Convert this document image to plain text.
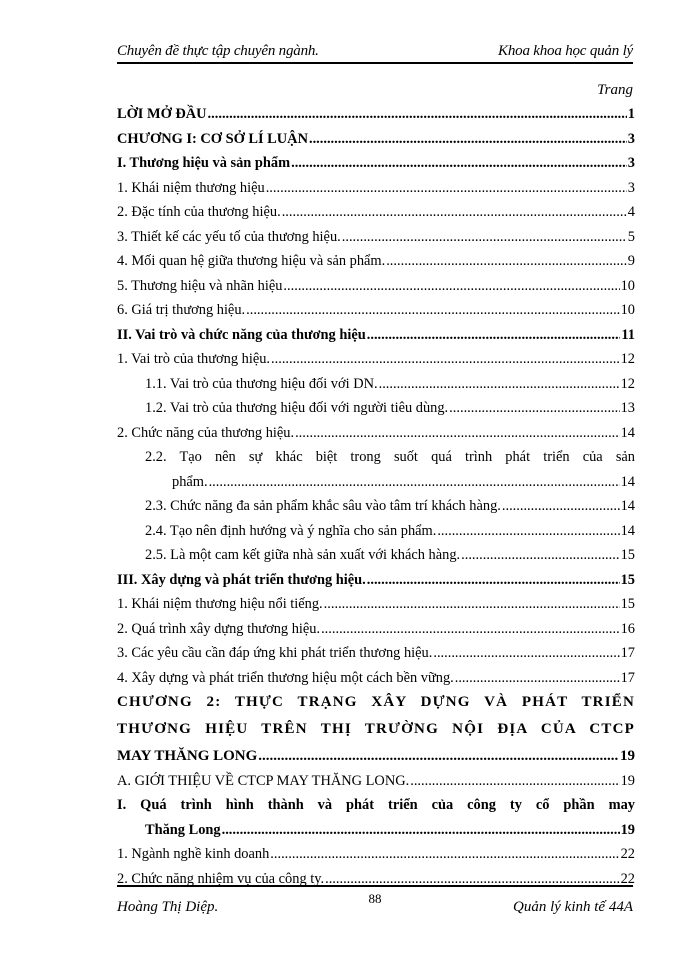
Chuyên đề thực tập chuyên ngành.	Khoa khoa học quản lý
Trang
LỜI MỞ ĐẦU .....	1
CHƯƠNG I: CƠ SỞ LÍ LUẬN .....	3
I. Thương hiệu và sản phẩm .....	3
1. Khái niệm thương hiệu .....	3
2. Đặc tính của thương hiệu. .....	4
3. Thiết kế các yếu tố của thương hiệu. .....	5
4. Mối quan hệ giữa thương hiệu và sản phẩm. .....	9
5. Thương hiệu và nhãn hiệu .....	10
6. Giá trị thương hiệu. .....	10
II. Vai trò và chức năng của thương hiệu .....	11
1. Vai trò của thương hiệu. .....	12
1.1. Vai trò của thương hiệu đối với DN. .....	12
1.2. Vai trò của thương hiệu đối với người tiêu dùng. .....	13
2. Chức năng của thương hiệu. .....	14
2.2. Tạo nên sự khác biệt trong suốt quá trình phát triển của sản
phẩm. .....	14
2.3. Chức năng đa sản phẩm khắc sâu vào tâm trí khách hàng. .....	14
2.4. Tạo nên định hướng và ý nghĩa cho sản phẩm. .....	14
2.5. Là một cam kết giữa nhà sản xuất với khách hàng. .....	15
III. Xây dựng và phát triển thương hiệu. .....	15
1. Khái niệm thương hiệu nổi tiếng. .....	15
2. Quá trình xây dựng thương hiệu. .....	16
3. Các yêu cầu cần đáp ứng khi phát triển thương hiệu. .....	17
4. Xây dựng và phát triển thương hiệu một cách bền vững. .....	17
CHƯƠNG 2: THỰC TRẠNG XÂY DỰNG VÀ PHÁT TRIỂN
THƯƠNG HIỆU TRÊN THỊ TRƯỜNG NỘI ĐỊA CỦA CTCP
MAY THĂNG LONG .....	19
A. GIỚI THIỆU VỀ CTCP MAY THĂNG LONG. .....	19
I. Quá trình hình thành và phát triển của công ty cổ phần may
Thăng Long .....	19
1. Ngành nghề kinh doanh .....	22
2. Chức năng nhiệm vụ của công ty. .....	22
Hoàng Thị Diệp.
88
Quản lý kinh tế 44A
